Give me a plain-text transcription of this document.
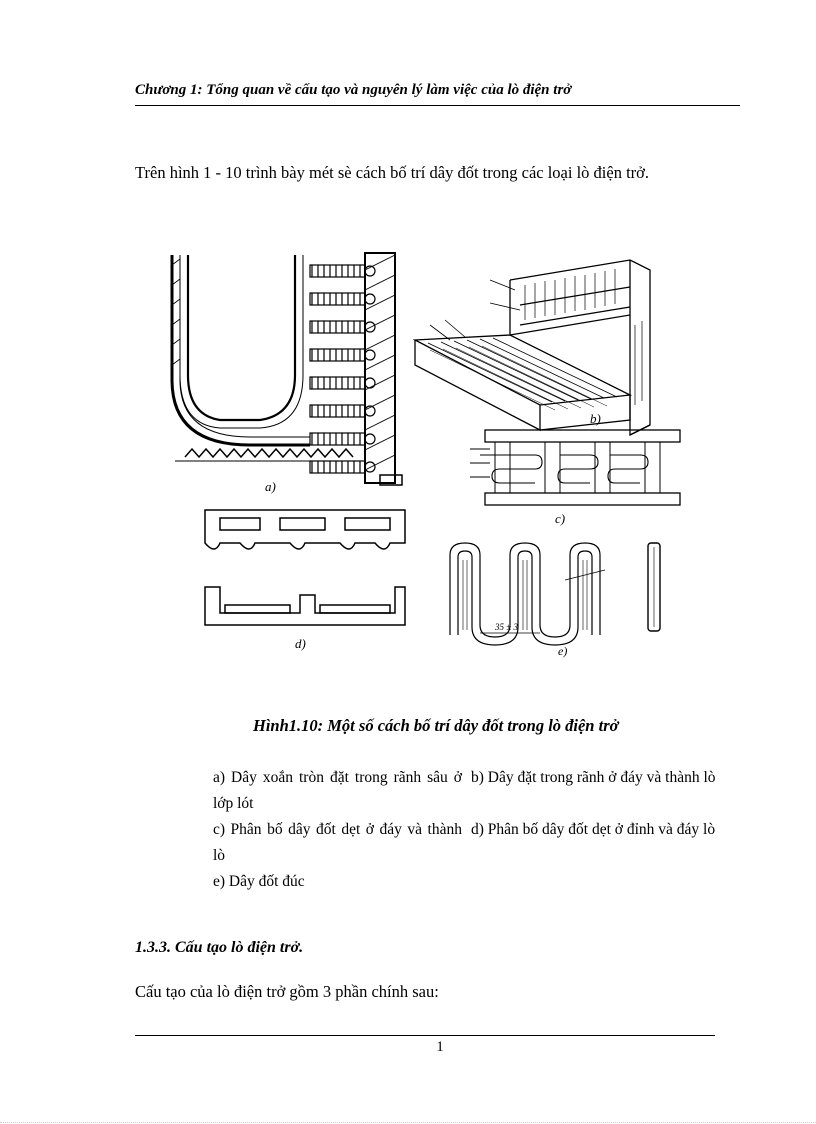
Chương 1: Tổng quan về cấu tạo và nguyên lý làm việc của lò điện trở
Trên hình 1 - 10 trình bày mét sè cách bố trí dây đốt trong các loại lò điện trở.
a)
b)
c)
d)
35 ± 3
e)
Hình1.10: Một số cách bố trí dây đốt trong lò điện trở
a) Dây xoắn tròn đặt trong rãnh sâu ở lớp lót
b) Dây đặt trong rãnh ở đáy và thành lò
c) Phân bố dây đốt dẹt ở đáy và thành lò
d) Phân bố dây đốt dẹt ở đỉnh và đáy lò
e) Dây đốt đúc
1.3.3. Cấu tạo lò điện trở.
Cấu tạo của lò điện trở gồm 3 phần chính sau:
1
